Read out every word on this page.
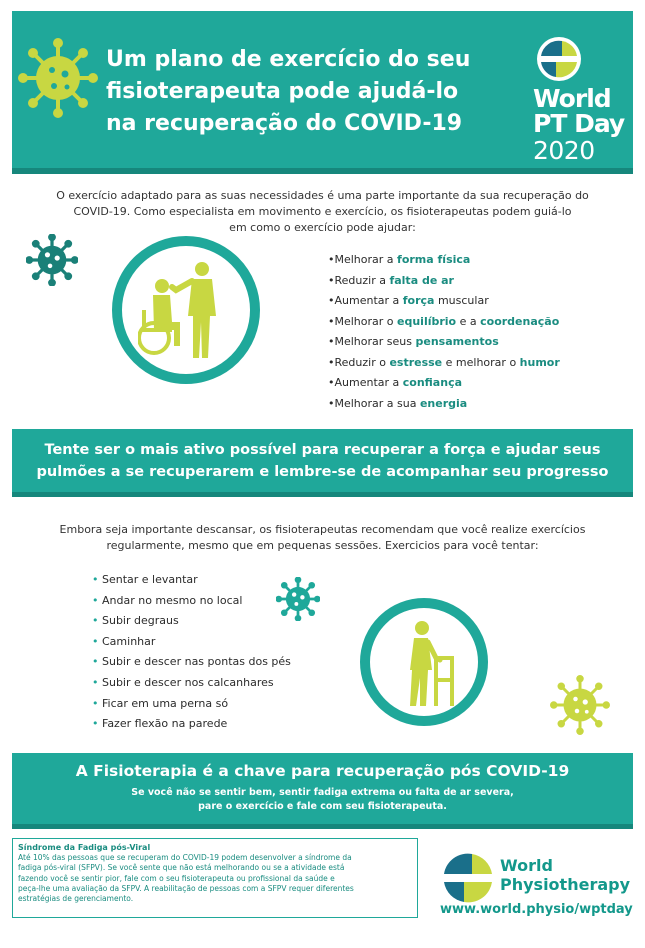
Um plano de exercício do seu
fisioterapeuta pode ajudá-lo
na recuperação do COVID-19
World
PT Day
2020
O exercício adaptado para as suas necessidades é uma parte importante da sua recuperação do
COVID-19. Como especialista em movimento e exercício, os fisioterapeutas podem guiá-lo
em como o exercício pode ajudar:
•Melhorar a forma física
•Reduzir a falta de ar
•Aumentar a força muscular
•Melhorar o equilíbrio e a coordenação
•Melhorar seus pensamentos
•Reduzir o estresse e melhorar o humor
•Aumentar a confiança
•Melhorar a sua energia
Tente ser o mais ativo possível para recuperar a força e ajudar seus
pulmões a se recuperarem e lembre-se de acompanhar seu progresso
Embora seja importante descansar, os fisioterapeutas recomendam que você realize exercícios
regularmente, mesmo que em pequenas sessões. Exercicios para você tentar:
• Sentar e levantar
• Andar no mesmo no local
• Subir degraus
• Caminhar
• Subir e descer nas pontas dos pés
• Subir e descer nos calcanhares
• Ficar em uma perna só
• Fazer flexão na parede
A Fisioterapia é a chave para recuperação pós COVID-19
Se você não se sentir bem, sentir fadiga extrema ou falta de ar severa,
pare o exercício e fale com seu fisioterapeuta.
Síndrome da Fadiga pós-Viral
Até 10% das pessoas que se recuperam do COVID-19 podem desenvolver a síndrome da
fadiga pós-viral (SFPV). Se você sente que não está melhorando ou se a atividade está
fazendo você se sentir pior, fale com o seu fisioterapeuta ou profissional da saúde e
peça-lhe uma avaliação da SFPV. A reabilitação de pessoas com a SFPV requer diferentes
estratégias de gerenciamento.
World
Physiotherapy
www.world.physio/wptday
